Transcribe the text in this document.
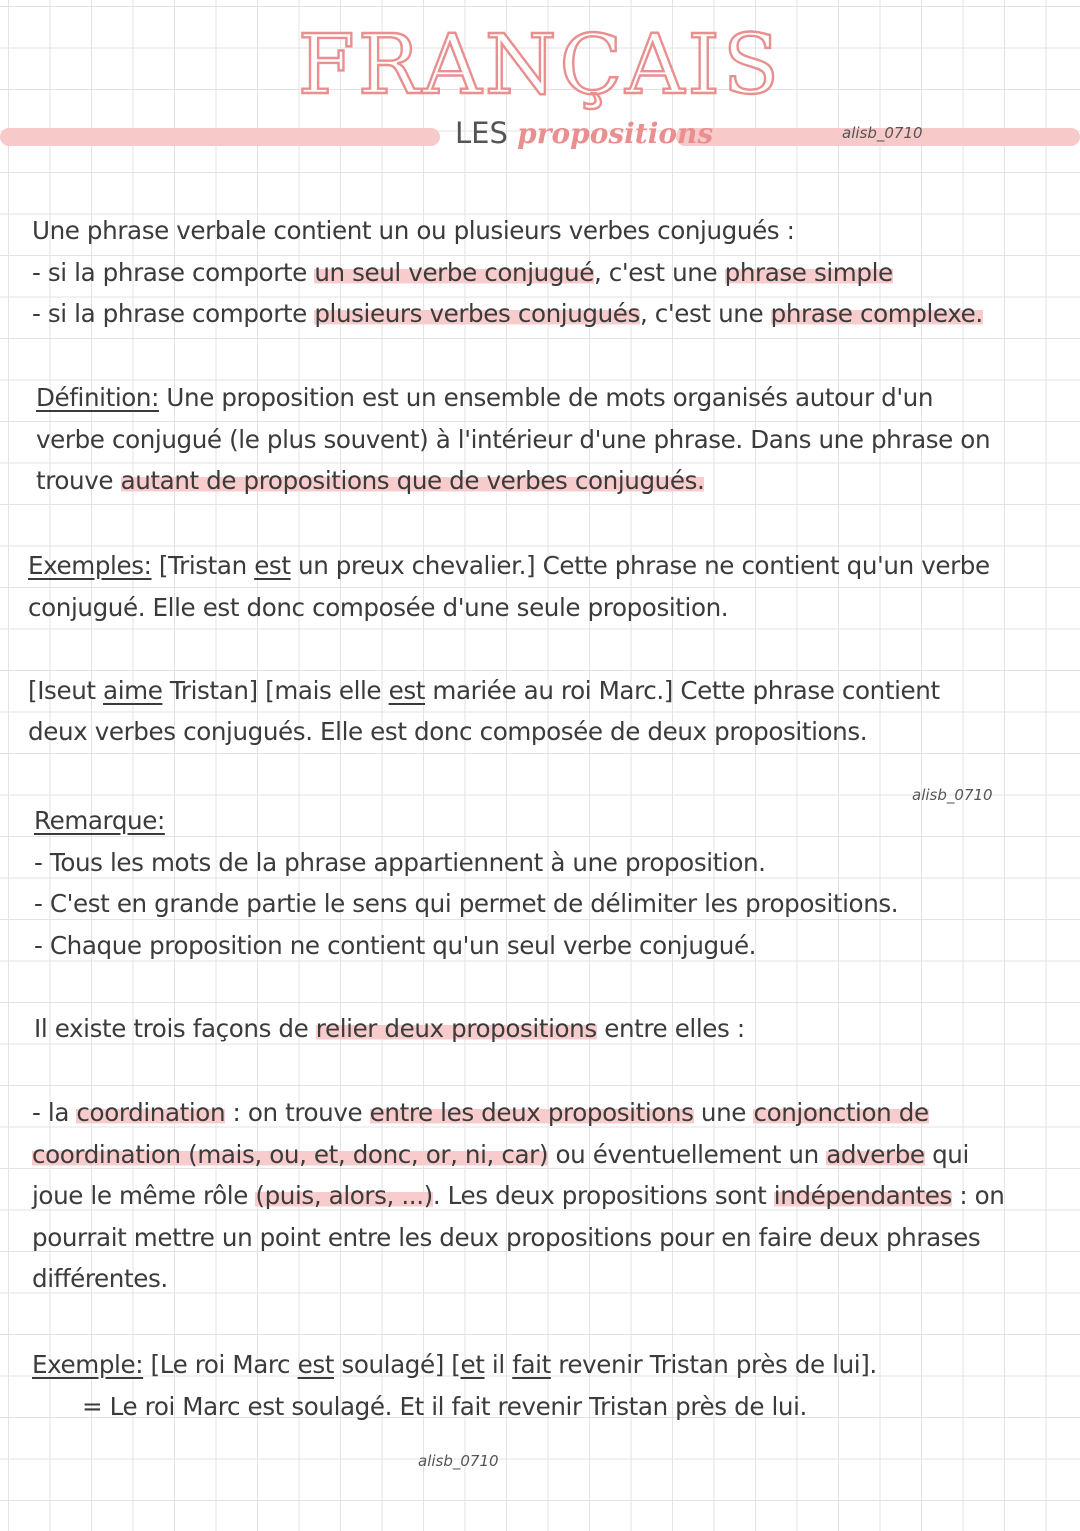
FRANÇAIS
LES propositions	alisb_0710
Une phrase verbale contient un ou plusieurs verbes conjugués :
- si la phrase comporte un seul verbe conjugué, c'est une phrase simple
- si la phrase comporte plusieurs verbes conjugués, c'est une phrase complexe.
Définition: Une proposition est un ensemble de mots organisés autour d'un
verbe conjugué (le plus souvent) à l'intérieur d'une phrase. Dans une phrase on
trouve autant de propositions que de verbes conjugués.
Exemples: [Tristan est un preux chevalier.] Cette phrase ne contient qu'un verbe
conjugué. Elle est donc composée d'une seule proposition.
[Iseut aime Tristan] [mais elle est mariée au roi Marc.] Cette phrase contient
deux verbes conjugués. Elle est donc composée de deux propositions.
alisb_0710
Remarque:
- Tous les mots de la phrase appartiennent à une proposition.
- C'est en grande partie le sens qui permet de délimiter les propositions.
- Chaque proposition ne contient qu'un seul verbe conjugué.
Il existe trois façons de relier deux propositions entre elles :
- la coordination : on trouve entre les deux propositions une conjonction de
coordination (mais, ou, et, donc, or, ni, car) ou éventuellement un adverbe qui
joue le même rôle (puis, alors, ...). Les deux propositions sont indépendantes : on
pourrait mettre un point entre les deux propositions pour en faire deux phrases
différentes.
Exemple: [Le roi Marc est soulagé] [et il fait revenir Tristan près de lui].
= Le roi Marc est soulagé. Et il fait revenir Tristan près de lui.
alisb_0710
